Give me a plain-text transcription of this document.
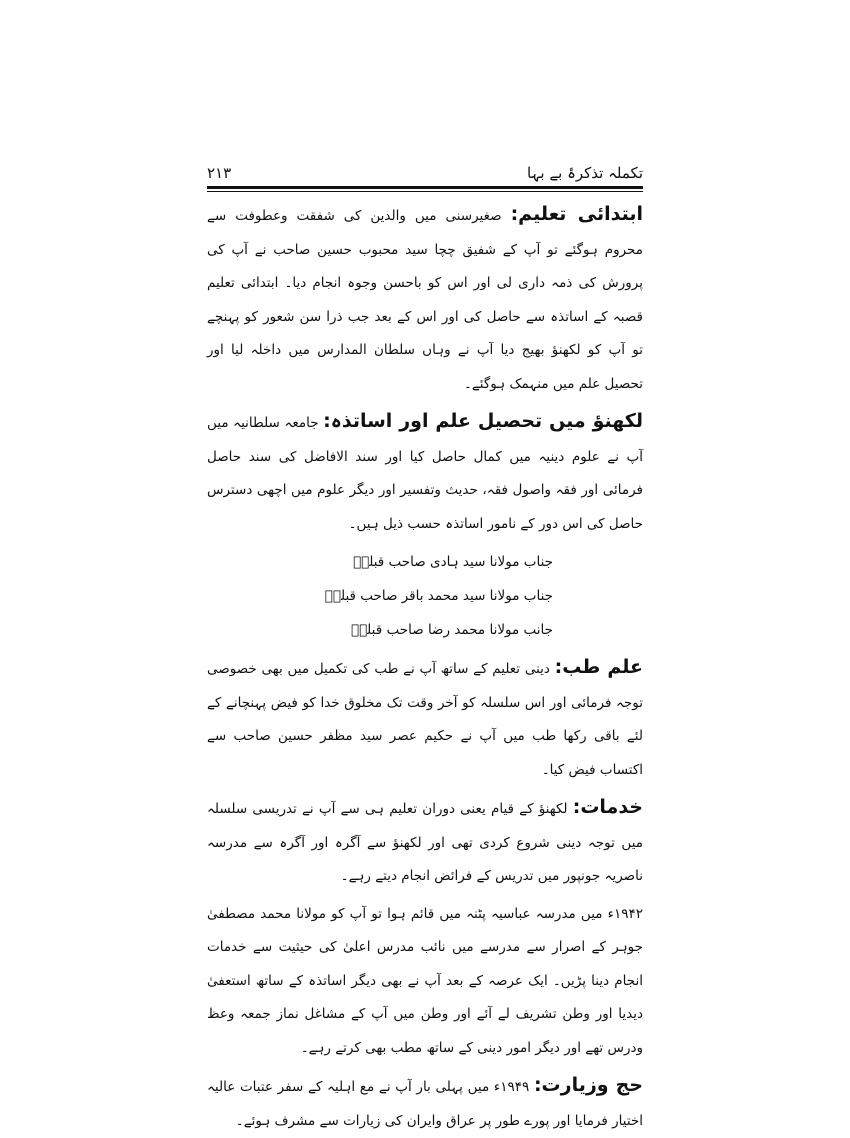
تکملہ تذکرۂ بے بہا
۲۱۳

ابتدائی تعلیم: صغیرسنی میں والدین کی شفقت وعطوفت سے محروم ہوگئے تو آپ کے شفیق چچا سید محبوب حسین صاحب نے آپ کی پرورش کی ذمہ داری لی اور اس کو باحسن وجوہ انجام دیا۔ ابتدائی تعلیم قصبہ کے اساتذہ سے حاصل کی اور اس کے بعد جب ذرا سن شعور کو پہنچے تو آپ کو لکھنؤ بھیج دیا آپ نے وہاں سلطان المدارس میں داخلہ لیا اور تحصیل علم میں منہمک ہوگئے۔

لکھنؤ میں تحصیل علم اور اساتذہ: جامعہ سلطانیہ میں آپ نے علوم دینیہ میں کمال حاصل کیا اور سند الافاضل کی سند حاصل فرمائی اور فقہ واصول فقہ، حدیث وتفسیر اور دیگر علوم میں اچھی دسترس حاصل کی اس دور کے نامور اساتذہ حسب ذیل ہیں۔

جناب مولانا سید ہادی صاحب قبلہؒ
جناب مولانا سید محمد باقر صاحب قبلہؒ
جانب مولانا محمد رضا صاحب قبلہؒ

علم طب: دینی تعلیم کے ساتھ آپ نے طب کی تکمیل میں بھی خصوصی توجہ فرمائی اور اس سلسلہ کو آخر وقت تک مخلوق خدا کو فیض پہنچانے کے لئے باقی رکھا طب میں آپ نے حکیم عصر سید مظفر حسین صاحب سے اکتساب فیض کیا۔

خدمات: لکھنؤ کے قیام یعنی دوران تعلیم ہی سے آپ نے تدریسی سلسلہ میں توجہ دینی شروع کردی تھی اور لکھنؤ سے آگرہ اور آگرہ سے مدرسہ ناصریہ جونپور میں تدریس کے فرائض انجام دیتے رہے۔

۱۹۴۲ء میں مدرسہ عباسیہ پٹنہ میں قائم ہوا تو آپ کو مولانا محمد مصطفیٰ جوہر کے اصرار سے مدرسے میں نائب مدرس اعلیٰ کی حیثیت سے خدمات انجام دینا پڑیں۔ ایک عرصہ کے بعد آپ نے بھی دیگر اساتذہ کے ساتھ استعفیٰ دیدیا اور وطن تشریف لے آئے اور وطن میں آپ کے مشاغل نماز جمعہ وعظ ودرس تھے اور دیگر امور دینی کے ساتھ مطب بھی کرتے رہے۔

حج وزیارت: ۱۹۴۹ء میں پہلی بار آپ نے مع اہلیہ کے سفر عتبات عالیہ اختیار فرمایا اور پورے طور پر عراق وایران کی زیارات سے مشرف ہوئے۔
